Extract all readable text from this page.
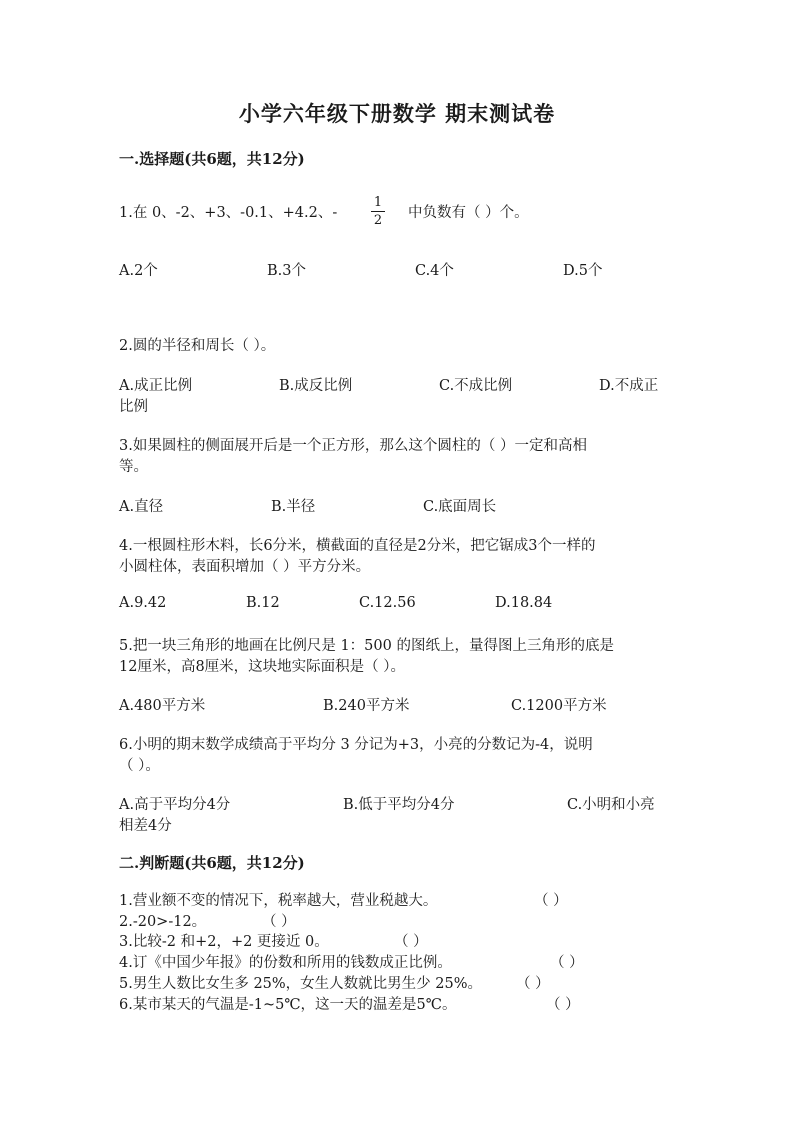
小学六年级下册数学 期末测试卷
一.选择题(共6题，共12分)
1.在 0、-2、+3、-0.1、+4.2、-
1
2 中负数有（ ）个。
A.2个	B.3个	C.4个	D.5个
2.圆的半径和周长（ ）。
A.成正比例	B.成反比例	C.不成比例	D.不成正
比例
3.如果圆柱的侧面展开后是一个正方形，那么这个圆柱的（ ）一定和高相
等。
A.直径	B.半径	C.底面周长
4.一根圆柱形木料，长6分米，横截面的直径是2分米，把它锯成3个一样的
小圆柱体，表面积增加（ ）平方分米。
A.9.42	B.12	C.12.56	D.18.84
5.把一块三角形的地画在比例尺是 1：500 的图纸上，量得图上三角形的底是
12厘米，高8厘米，这块地实际面积是（ ）。
A.480平方米	B.240平方米	C.1200平方米
6.小明的期末数学成绩高于平均分 3 分记为+3，小亮的分数记为-4，说明
（ ）。
A.高于平均分4分	B.低于平均分4分	C.小明和小亮
相差4分
二.判断题(共6题，共12分)
1.营业额不变的情况下，税率越大，营业税越大。	（ ）
2.-20>-12。	（ ）
3.比较-2 和+2，+2 更接近 0。	（ ）
4.订《中国少年报》的份数和所用的钱数成正比例。	（ ）
5.男生人数比女生多 25%，女生人数就比男生少 25%。 （ ）
6.某市某天的气温是-1~5℃，这一天的温差是5℃。	（ ）
